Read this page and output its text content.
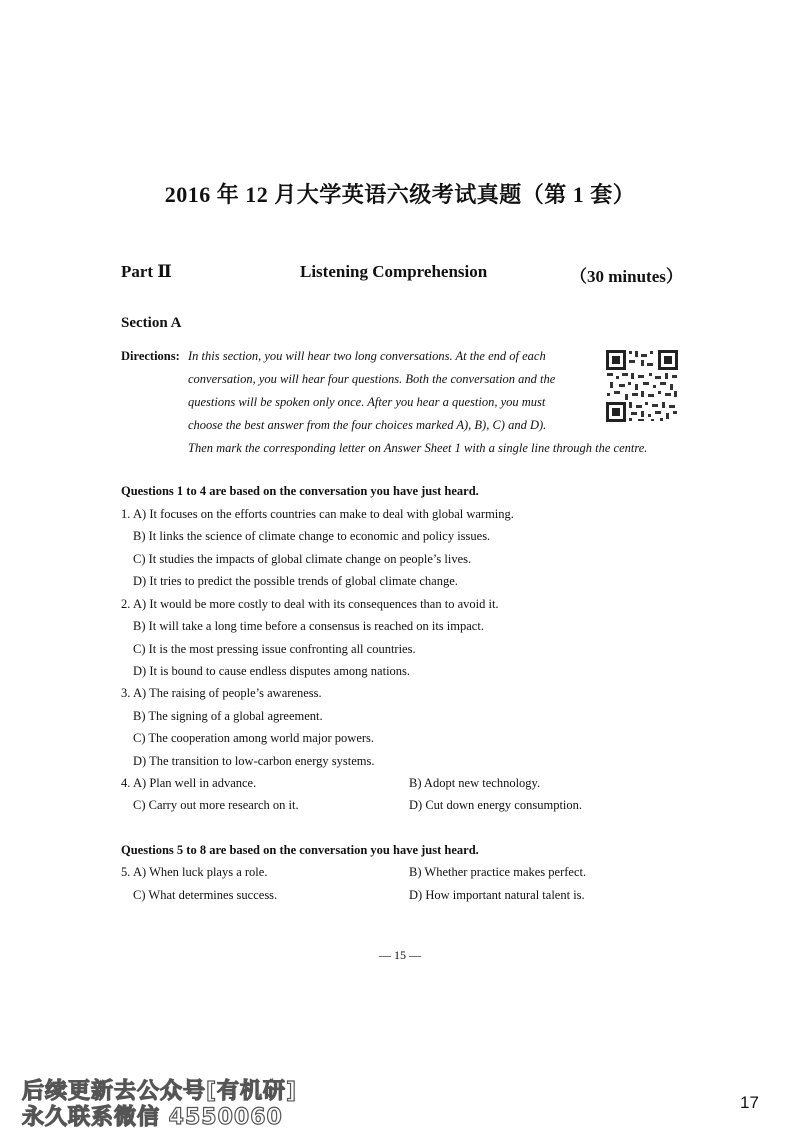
2016 年 12 月大学英语六级考试真题（第 1 套）
Part Ⅱ	Listening Comprehension	（30 minutes）
Section A
Directions: In this section, you will hear two long conversations. At the end of each
conversation, you will hear four questions. Both the conversation and the
questions will be spoken only once. After you hear a question, you must
choose the best answer from the four choices marked A), B), C) and D).
Then mark the corresponding letter on Answer Sheet 1 with a single line through the centre.
Questions 1 to 4 are based on the conversation you have just heard.
1. A) It focuses on the efforts countries can make to deal with global warming.
B) It links the science of climate change to economic and policy issues.
C) It studies the impacts of global climate change on people’s lives.
D) It tries to predict the possible trends of global climate change.
2. A) It would be more costly to deal with its consequences than to avoid it.
B) It will take a long time before a consensus is reached on its impact.
C) It is the most pressing issue confronting all countries.
D) It is bound to cause endless disputes among nations.
3. A) The raising of people’s awareness.
B) The signing of a global agreement.
C) The cooperation among world major powers.
D) The transition to low-carbon energy systems.
4. A) Plan well in advance.	B) Adopt new technology.
C) Carry out more research on it.	D) Cut down energy consumption.
Questions 5 to 8 are based on the conversation you have just heard.
5. A) When luck plays a role.	B) Whether practice makes perfect.
C) What determines success.	D) How important natural talent is.
— 15 —
后续更新去公众号[有机研]
永久联系微信 4550060
17
